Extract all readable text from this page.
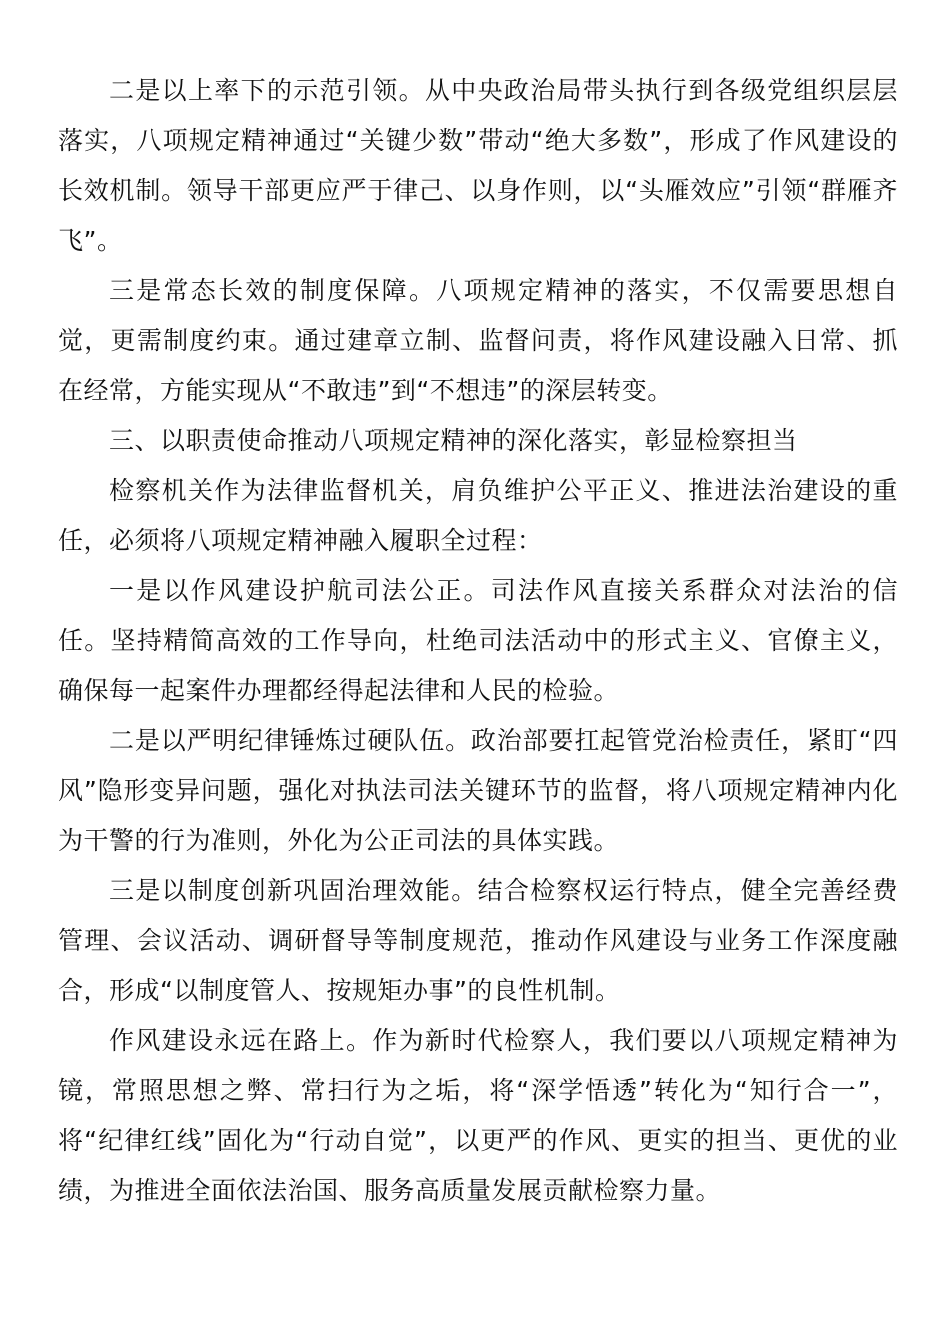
二是以上率下的示范引领。从中央政治局带头执行到各级党组织层层落实，八项规定精神通过“关键少数”带动“绝大多数”，形成了作风建设的长效机制。领导干部更应严于律己、以身作则，以“头雁效应”引领“群雁齐飞”。

三是常态长效的制度保障。八项规定精神的落实，不仅需要思想自觉，更需制度约束。通过建章立制、监督问责，将作风建设融入日常、抓在经常，方能实现从“不敢违”到“不想违”的深层转变。

三、以职责使命推动八项规定精神的深化落实，彰显检察担当

检察机关作为法律监督机关，肩负维护公平正义、推进法治建设的重任，必须将八项规定精神融入履职全过程：

一是以作风建设护航司法公正。司法作风直接关系群众对法治的信任。坚持精简高效的工作导向，杜绝司法活动中的形式主义、官僚主义，确保每一起案件办理都经得起法律和人民的检验。

二是以严明纪律锤炼过硬队伍。政治部要扛起管党治检责任，紧盯“四风”隐形变异问题，强化对执法司法关键环节的监督，将八项规定精神内化为干警的行为准则，外化为公正司法的具体实践。

三是以制度创新巩固治理效能。结合检察权运行特点，健全完善经费管理、会议活动、调研督导等制度规范，推动作风建设与业务工作深度融合，形成“以制度管人、按规矩办事”的良性机制。

作风建设永远在路上。作为新时代检察人，我们要以八项规定精神为镜，常照思想之弊、常扫行为之垢，将“深学悟透”转化为“知行合一”，将“纪律红线”固化为“行动自觉”，以更严的作风、更实的担当、更优的业绩，为推进全面依法治国、服务高质量发展贡献检察力量。
